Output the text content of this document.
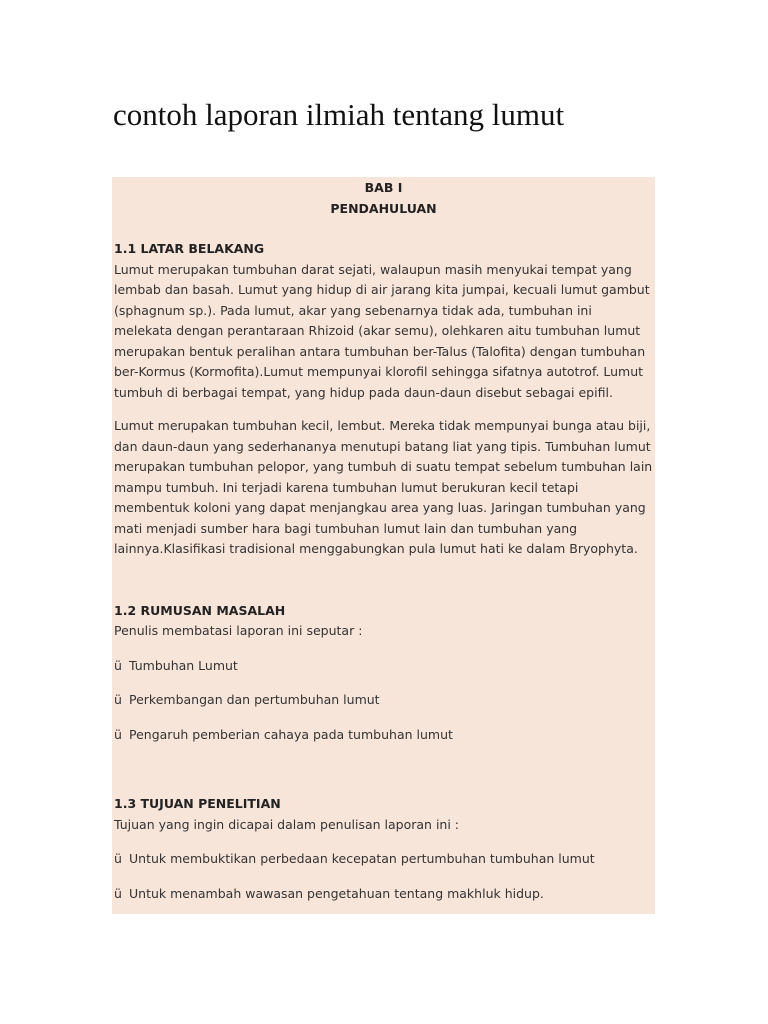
contoh laporan ilmiah tentang lumut
BAB I
PENDAHULUAN
1.1 LATAR BELAKANG

Lumut merupakan tumbuhan darat sejati, walaupun masih menyukai tempat yang lembab dan basah. Lumut yang hidup di air jarang kita jumpai, kecuali lumut gambut (sphagnum sp.). Pada lumut, akar yang sebenarnya tidak ada, tumbuhan ini melekata dengan perantaraan Rhizoid (akar semu), olehkaren aitu tumbuhan lumut merupakan bentuk peralihan antara tumbuhan ber-Talus (Talofita) dengan tumbuhan ber-Kormus (Kormofita).Lumut mempunyai klorofil sehingga sifatnya autotrof. Lumut tumbuh di berbagai tempat, yang hidup pada daun-daun disebut sebagai epifil.

Lumut merupakan tumbuhan kecil, lembut. Mereka tidak mempunyai bunga atau biji, dan daun-daun yang sederhananya menutupi batang liat yang tipis. Tumbuhan lumut merupakan tumbuhan pelopor, yang tumbuh di suatu tempat sebelum tumbuhan lain mampu tumbuh. Ini terjadi karena tumbuhan lumut berukuran kecil tetapi membentuk koloni yang dapat menjangkau area yang luas. Jaringan tumbuhan yang mati menjadi sumber hara bagi tumbuhan lumut lain dan tumbuhan yang lainnya.Klasifikasi tradisional menggabungkan pula lumut hati ke dalam Bryophyta.

1.2 RUMUSAN MASALAH

Penulis membatasi laporan ini seputar :

ü Tumbuhan Lumut

ü Perkembangan dan pertumbuhan lumut

ü Pengaruh pemberian cahaya pada tumbuhan lumut

1.3 TUJUAN PENELITIAN

Tujuan yang ingin dicapai dalam penulisan laporan ini :

ü Untuk membuktikan perbedaan kecepatan pertumbuhan tumbuhan lumut

ü Untuk menambah wawasan pengetahuan tentang makhluk hidup.
